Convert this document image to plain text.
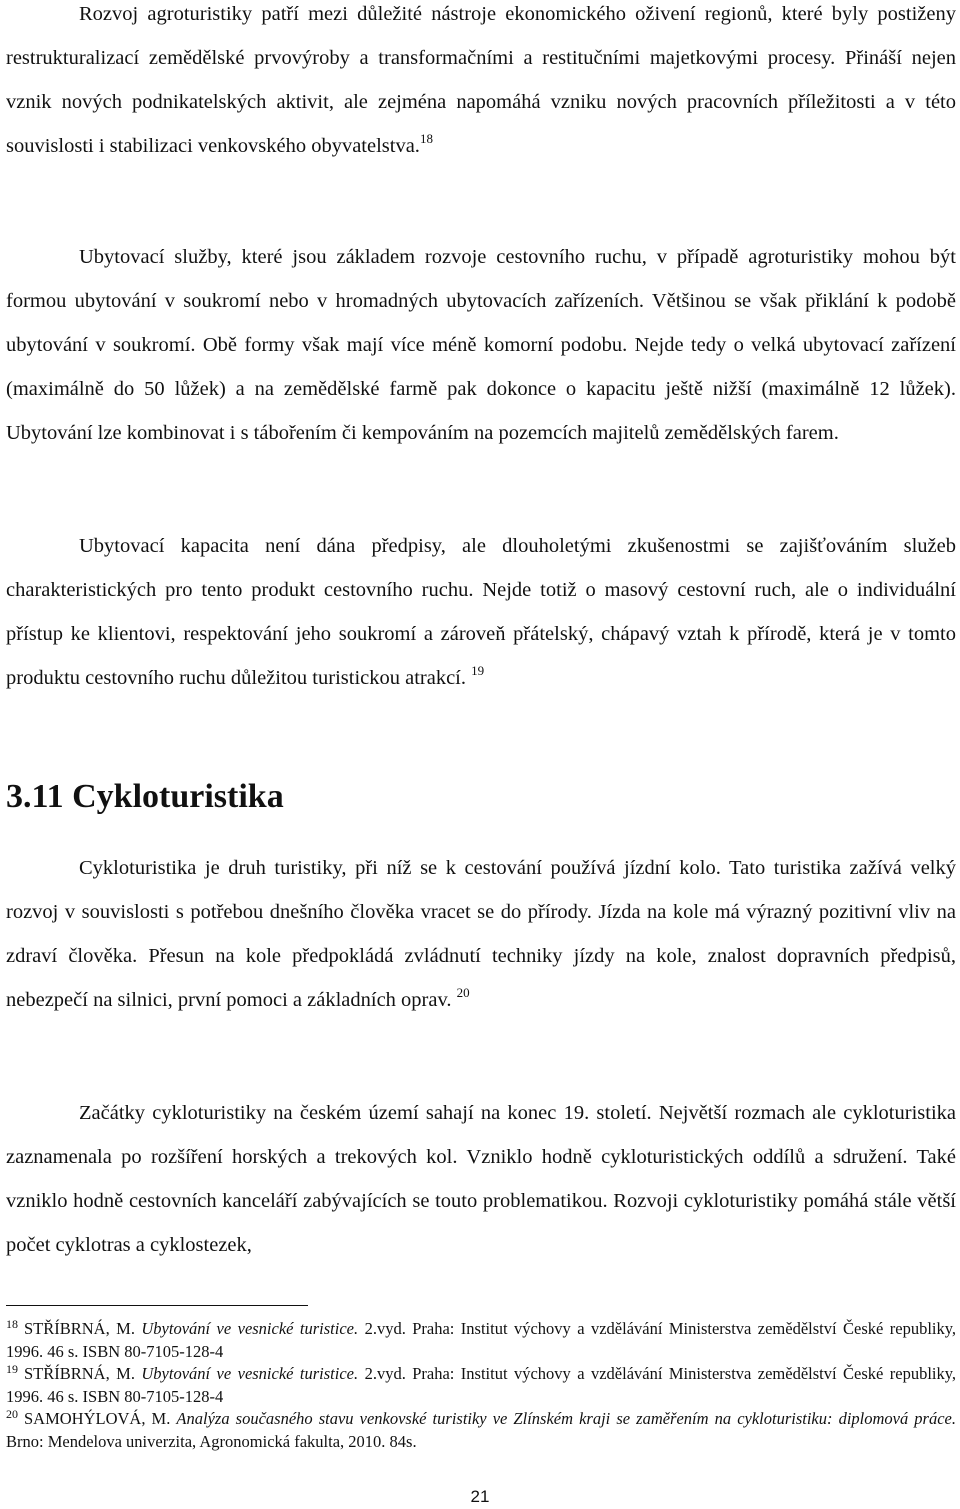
Rozvoj agroturistiky patří mezi důležité nástroje ekonomického oživení regionů, které byly postiženy restrukturalizací zemědělské prvovýroby a transformačními a restitučními majetkovými procesy. Přináší nejen vznik nových podnikatelských aktivit, ale zejména napomáhá vzniku nových pracovních příležitosti a v této souvislosti i stabilizaci venkovského obyvatelstva.$^{18}$

Ubytovací služby, které jsou základem rozvoje cestovního ruchu, v případě agroturistiky mohou být formou ubytování v soukromí nebo v hromadných ubytovacích zařízeních. Většinou se však přiklání k podobě ubytování v soukromí. Obě formy však mají více méně komorní podobu. Nejde tedy o velká ubytovací zařízení (maximálně do 50 lůžek) a na zemědělské farmě pak dokonce o kapacitu ještě nižší (maximálně 12 lůžek). Ubytování lze kombinovat i s tábořením či kempováním na pozemcích majitelů zemědělských farem.

Ubytovací kapacita není dána předpisy, ale dlouholetými zkušenostmi se zajišťováním služeb charakteristických pro tento produkt cestovního ruchu. Nejde totiž o masový cestovní ruch, ale o individuální přístup ke klientovi, respektování jeho soukromí a zároveň přátelský, chápavý vztah k přírodě, která je v tomto produktu cestovního ruchu důležitou turistickou atrakcí. $^{19}$

3.11 Cykloturistika

Cykloturistika je druh turistiky, při níž se k cestování používá jízdní kolo. Tato turistika zažívá velký rozvoj v souvislosti s potřebou dnešního člověka vracet se do přírody. Jízda na kole má výrazný pozitivní vliv na zdraví člověka. Přesun na kole předpokládá zvládnutí techniky jízdy na kole, znalost dopravních předpisů, nebezpečí na silnici, první pomoci a základních oprav. $^{20}$

Začátky cykloturistiky na českém území sahají na konec 19. století. Největší rozmach ale cykloturistika zaznamenala po rozšíření horských a trekových kol. Vzniklo hodně cykloturistických oddílů a sdružení. Také vzniklo hodně cestovních kanceláří zabývajících se touto problematikou. Rozvoji cykloturistiky pomáhá stále větší počet cyklotras a cyklostezek,

$^{18}$ STŘÍBRNÁ, M. Ubytování ve vesnické turistice. 2.vyd. Praha: Institut výchovy a vzdělávání Ministerstva zemědělství České republiky, 1996. 46 s. ISBN 80-7105-128-4

$^{19}$ STŘÍBRNÁ, M. Ubytování ve vesnické turistice. 2.vyd. Praha: Institut výchovy a vzdělávání Ministerstva zemědělství České republiky, 1996. 46 s. ISBN 80-7105-128-4

$^{20}$ SAMOHÝLOVÁ, M. Analýza současného stavu venkovské turistiky ve Zlínském kraji se zaměřením na cykloturistiku: diplomová práce. Brno: Mendelova univerzita, Agronomická fakulta, 2010. 84s.

21
